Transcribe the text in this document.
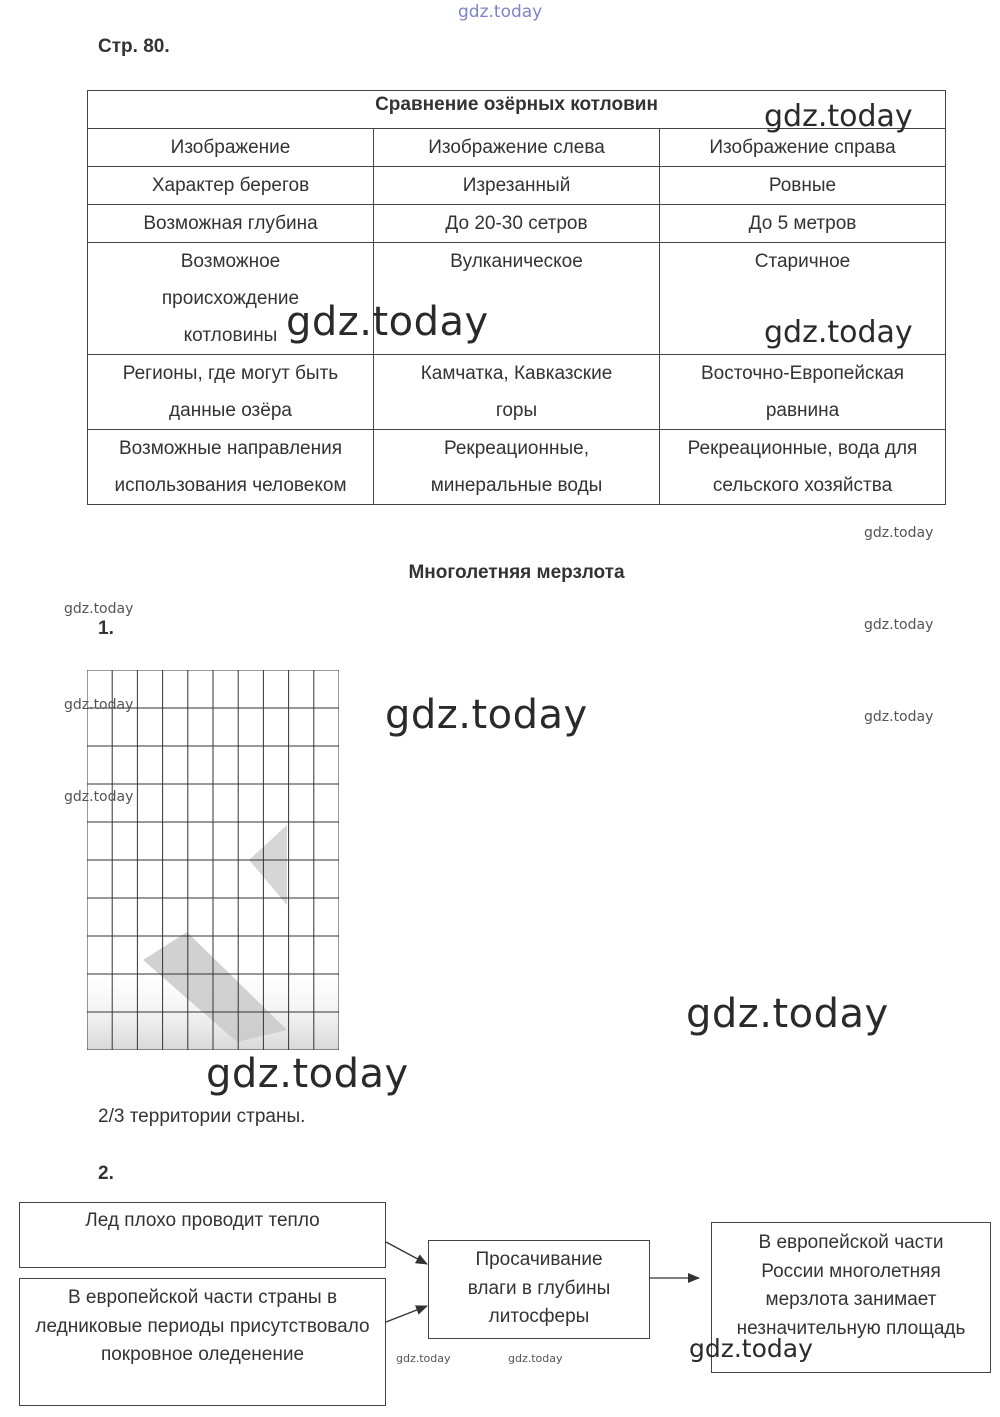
gdz.today
Стр. 80.
Сравнение озёрных котловин		
Изображение	Изображение слева	Изображение справа
Характер берегов	Изрезанный	Ровные
Возможная глубина	До 20-30 сетров	До 5 метров
Возможное происхождение котловины	Вулканическое	Старичное
Регионы, где могут быть данные озёра	Камчатка, Кавказские горы	Восточно-Европейская равнина
Возможные направления использования человеком	Рекреационные, минеральные воды	Рекреационные, вода для сельского хозяйства
gdz.today
gdz.today	gdz.today
gdz.today
Многолетняя мерзлота
gdz.today
1.	gdz.today
gdz.today
gdz.today
gdz.today	gdz.today
gdz.today
gdz.today
2/3 территории страны.
2.
Лед плохо проводит тепло
В европейской части страны в ледниковые периоды присутствовало покровное оледенение
Просачивание влаги в глубины литосферы
В европейской части России многолетняя мерзлота занимает незначительную площадь
gdz.today	gdz.today	gdz.today
